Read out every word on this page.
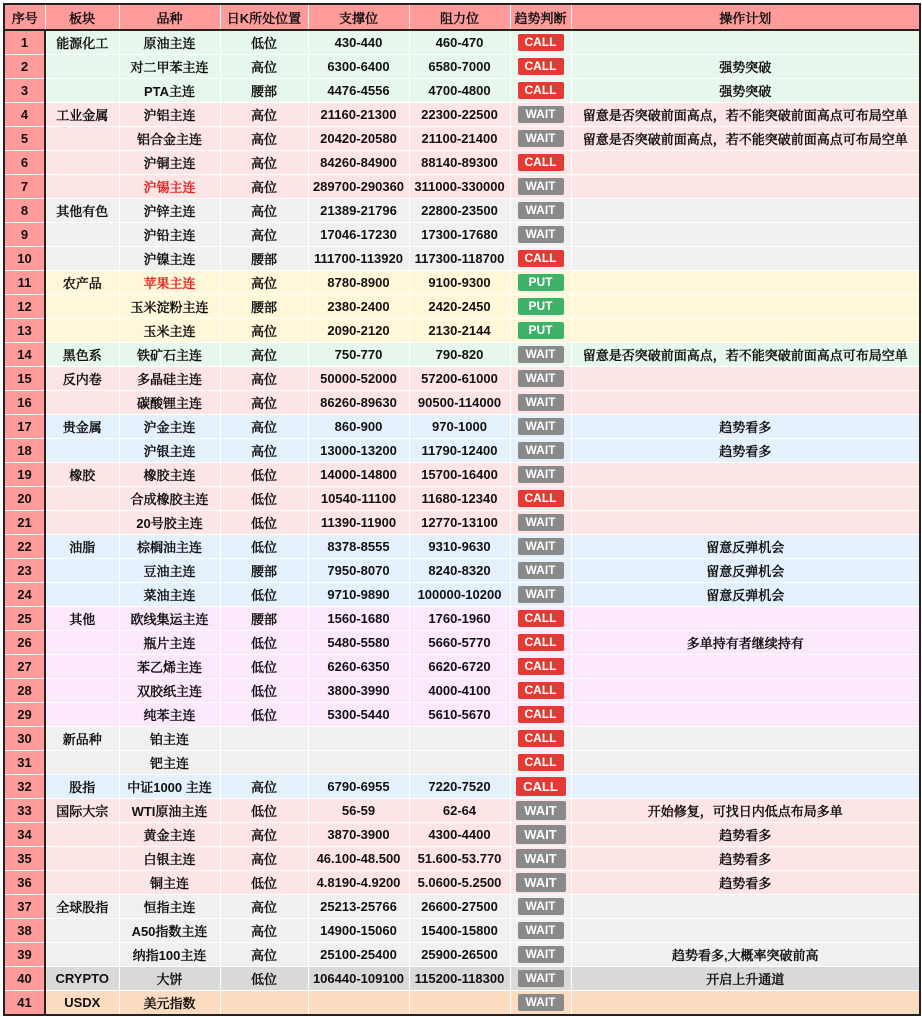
序号	板块	品种	日K所处位置	支撑位	阻力位	趋势判断	操作计划
1	能源化工	原油主连	低位	430-440	460-470	CALL	
2		对二甲苯主连	高位	6300-6400	6580-7000	CALL	强势突破
3		PTA主连	腰部	4476-4556	4700-4800	CALL	强势突破
4	工业金属	沪铝主连	高位	21160-21300	22300-22500	WAIT	留意是否突破前面高点，若不能突破前面高点可布局空单
5		铝合金主连	高位	20420-20580	21100-21400	WAIT	留意是否突破前面高点，若不能突破前面高点可布局空单
6		沪铜主连	高位	84260-84900	88140-89300	CALL	
7		沪锡主连	高位	289700-290360	311000-330000	WAIT	
8	其他有色	沪锌主连	高位	21389-21796	22800-23500	WAIT	
9		沪铅主连	高位	17046-17230	17300-17680	WAIT	
10		沪镍主连	腰部	111700-113920	117300-118700	CALL	
11	农产品	苹果主连	高位	8780-8900	9100-9300	PUT	
12		玉米淀粉主连	腰部	2380-2400	2420-2450	PUT	
13		玉米主连	高位	2090-2120	2130-2144	PUT	
14	黑色系	铁矿石主连	高位	750-770	790-820	WAIT	留意是否突破前面高点，若不能突破前面高点可布局空单
15	反内卷	多晶硅主连	高位	50000-52000	57200-61000	WAIT	
16		碳酸锂主连	高位	86260-89630	90500-114000	WAIT	
17	贵金属	沪金主连	高位	860-900	970-1000	WAIT	趋势看多
18		沪银主连	高位	13000-13200	11790-12400	WAIT	趋势看多
19	橡胶	橡胶主连	低位	14000-14800	15700-16400	WAIT	
20		合成橡胶主连	低位	10540-11100	11680-12340	CALL	
21		20号胶主连	低位	11390-11900	12770-13100	WAIT	
22	油脂	棕榈油主连	低位	8378-8555	9310-9630	WAIT	留意反弹机会
23		豆油主连	腰部	7950-8070	8240-8320	WAIT	留意反弹机会
24		菜油主连	低位	9710-9890	100000-10200	WAIT	留意反弹机会
25	其他	欧线集运主连	腰部	1560-1680	1760-1960	CALL	
26		瓶片主连	低位	5480-5580	5660-5770	CALL	多单持有者继续持有
27		苯乙烯主连	低位	6260-6350	6620-6720	CALL	
28		双胶纸主连	低位	3800-3990	4000-4100	CALL	
29		纯苯主连	低位	5300-5440	5610-5670	CALL	
30	新品种	铂主连				CALL	
31		钯主连				CALL	
32	股指	中证1000 主连	高位	6790-6955	7220-7520	CALL	
33	国际大宗	WTI原油主连	低位	56-59	62-64	WAIT	开始修复，可找日内低点布局多单
34		黄金主连	高位	3870-3900	4300-4400	WAIT	趋势看多
35		白银主连	高位	46.100-48.500	51.600-53.770	WAIT	趋势看多
36		铜主连	低位	4.8190-4.9200	5.0600-5.2500	WAIT	趋势看多
37	全球股指	恒指主连	高位	25213-25766	26600-27500	WAIT	
38		A50指数主连	高位	14900-15060	15400-15800	WAIT	
39		纳指100主连	高位	25100-25400	25900-26500	WAIT	趋势看多,大概率突破前高
40	CRYPTO	大饼	低位	106440-109100	115200-118300	WAIT	开启上升通道
41	USDX	美元指数				WAIT	
